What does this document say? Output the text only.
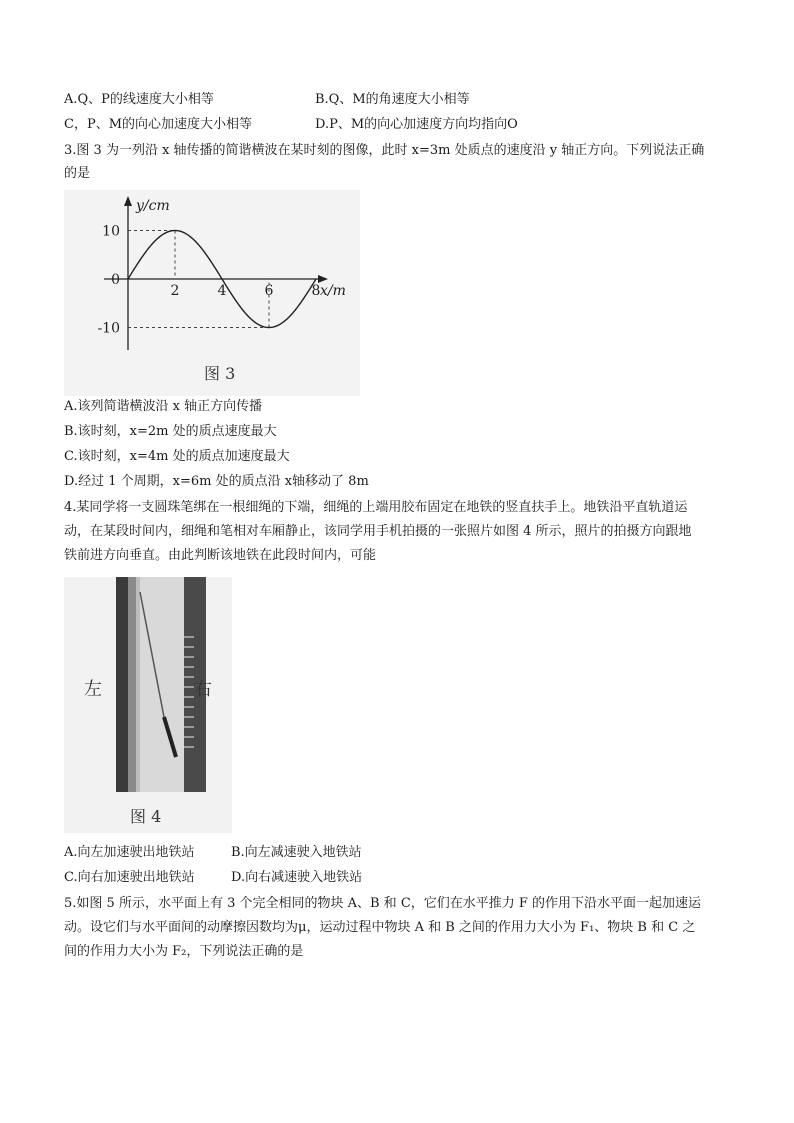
A.Q、P的线速度大小相等	B.Q、M的角速度大小相等
C，P、M的向心加速度大小相等	D.P、M的向心加速度方向均指向O
3.图 3 为一列沿 x 轴传播的简谐横波在某时刻的图像，此时 x=3m 处质点的速度沿 y 轴正方向。下列说法正确
的是
y/cm
x/m
10
0
-10
2	4	6	8
图 3
A.该列简谐横波沿 x 轴正方向传播
B.该时刻，x=2m 处的质点速度最大
C.该时刻，x=4m 处的质点加速度最大
D.经过 1 个周期，x=6m 处的质点沿 x轴移动了 8m
4.某同学将一支圆珠笔绑在一根细绳的下端，细绳的上端用胶布固定在地铁的竖直扶手上。地铁沿平直轨道运
动，在某段时间内，细绳和笔相对车厢静止，该同学用手机拍摄的一张照片如图 4 所示，照片的拍摄方向跟地
铁前进方向垂直。由此判断该地铁在此段时间内，可能
左	右
图 4
A.向左加速驶出地铁站	B.向左减速驶入地铁站
C.向右加速驶出地铁站	D.向右减速驶入地铁站
5.如图 5 所示，水平面上有 3 个完全相同的物块 A、B 和 C，它们在水平推力 F 的作用下沿水平面一起加速运
动。设它们与水平面间的动摩擦因数均为μ，运动过程中物块 A 和 B 之间的作用力大小为 F₁、物块 B 和 C 之
间的作用力大小为 F₂，下列说法正确的是
